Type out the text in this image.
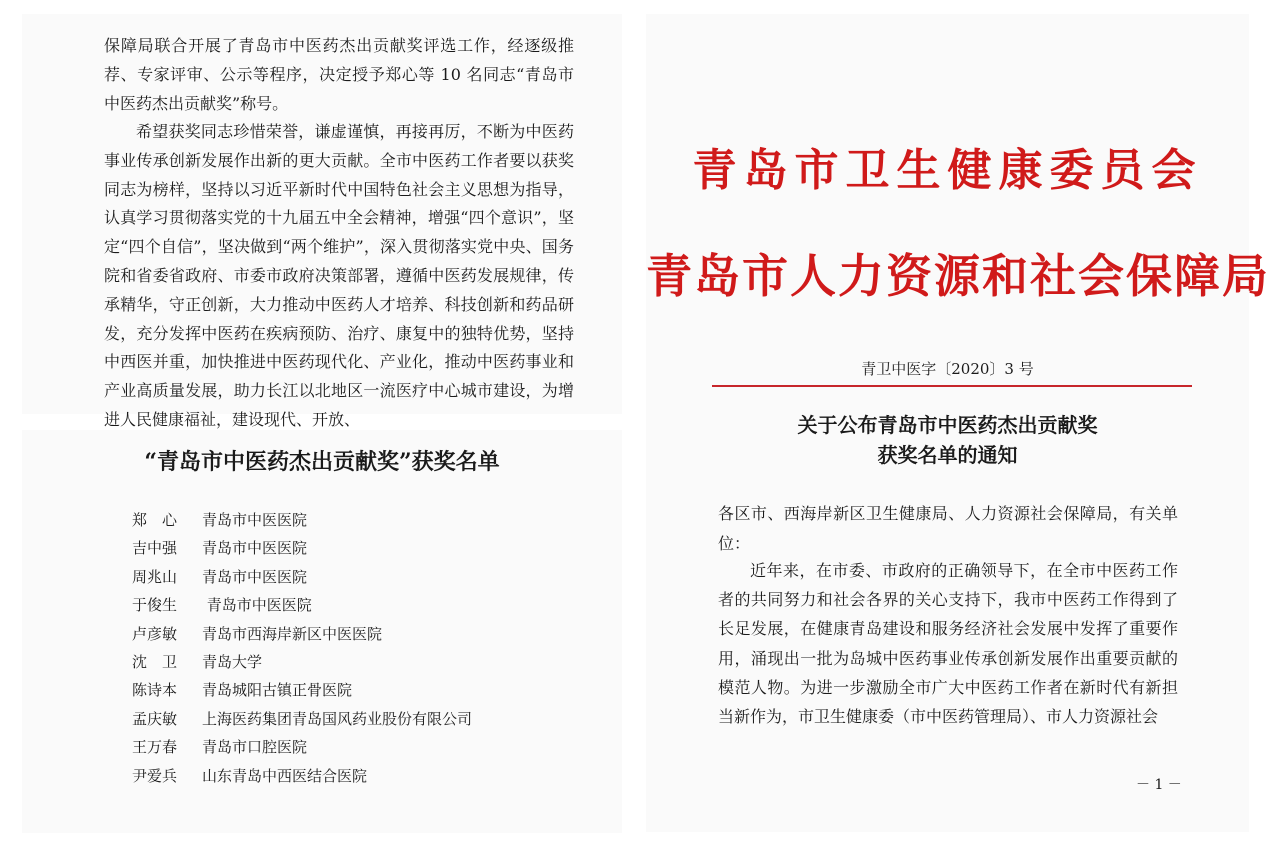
保障局联合开展了青岛市中医药杰出贡献奖评选工作，经逐级推荐、专家评审、公示等程序，决定授予郑心等 10 名同志“青岛市中医药杰出贡献奖”称号。

希望获奖同志珍惜荣誉，谦虚谨慎，再接再厉，不断为中医药事业传承创新发展作出新的更大贡献。全市中医药工作者要以获奖同志为榜样，坚持以习近平新时代中国特色社会主义思想为指导，认真学习贯彻落实党的十九届五中全会精神，增强“四个意识”，坚定“四个自信”，坚决做到“两个维护”，深入贯彻落实党中央、国务院和省委省政府、市委市政府决策部署，遵循中医药发展规律，传承精华，守正创新，大力推动中医药人才培养、科技创新和药品研发，充分发挥中医药在疾病预防、治疗、康复中的独特优势，坚持中西医并重，加快推进中医药现代化、产业化，推动中医药事业和产业高质量发展，助力长江以北地区一流医疗中心城市建设，为增进人民健康福祉，建设现代、开放、

“青岛市中医药杰出贡献奖”获奖名单
郑　心 青岛市中医医院
吉中强 青岛市中医医院
周兆山 青岛市中医医院
于俊生 青岛市中医医院
卢彦敏 青岛市西海岸新区中医医院
沈　卫 青岛大学
陈诗本 青岛城阳古镇正骨医院
孟庆敏 上海医药集团青岛国风药业股份有限公司
王万春 青岛市口腔医院
尹爱兵 山东青岛中西医结合医院
青岛市卫生健康委员会
青岛市人力资源和社会保障局

青卫中医字〔2020〕3 号

关于公布青岛市中医药杰出贡献奖
获奖名单的通知

各区市、西海岸新区卫生健康局、人力资源社会保障局，有关单位：

近年来，在市委、市政府的正确领导下，在全市中医药工作者的共同努力和社会各界的关心支持下，我市中医药工作得到了长足发展，在健康青岛建设和服务经济社会发展中发挥了重要作用，涌现出一批为岛城中医药事业传承创新发展作出重要贡献的模范人物。为进一步激励全市广大中医药工作者在新时代有新担当新作为，市卫生健康委（市中医药管理局）、市人力资源社会

－ 1 －
